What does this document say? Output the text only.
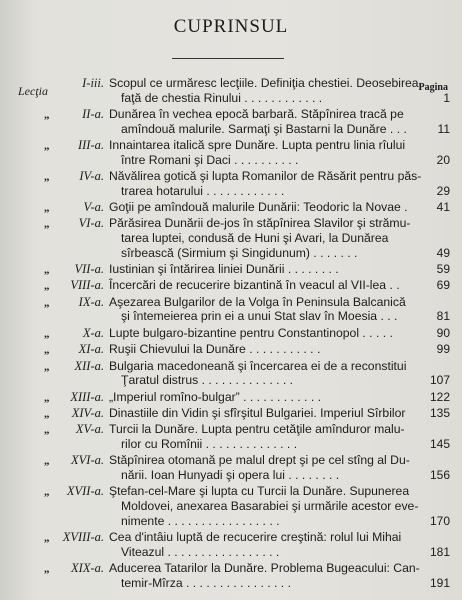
CUPRINSUL
Lecţia	Pagina
I-iii. Scopul ce urmăresc lecţiile. Definiţia chestiei. Deosebirea
faţă de chestia Rinului . . . . . . . . . . . .	1
„	II-a. Dunărea în vechea epocă barbară. Stăpînirea tracă pe
amîndouă malurile. Sarmaţi şi Bastarni la Dunăre . . .	11
„	III-a. Innaintarea italică spre Dunăre. Lupta pentru linia rîului
între Romani şi Daci . . . . . . . . . .	20
„	IV-a. Năvălirea gotică şi lupta Romanilor de Răsărit pentru păs-
trarea hotarului . . . . . . . . . . . .	29
„	V-a. Goţii pe amîndouă malurile Dunării: Teodoric la Novae .	41
„	VI-a. Părăsirea Dunării de-jos în stăpînirea Slavilor şi strămu-
tarea luptei, condusă de Huni şi Avari, la Dunărea
sîrbească (Sirmium şi Singidunum) . . . . . . .	49
„	VII-a. Iustinian şi întărirea liniei Dunării . . . . . . . .	59
„	VIII-a. Încercări de recucerire bizantină în veacul al VII-lea . .	69
„	IX-a. Aşezarea Bulgarilor de la Volga în Peninsula Balcanică
şi întemeierea prin ei a unui Stat slav în Moesia . . .	81
„	X-a. Lupte bulgaro-bizantine pentru Constantinopol . . . . .	90
„	XI-a. Ruşii Chievului la Dunăre . . . . . . . . . . .	99
„	XII-a. Bulgaria macedoneană şi încercarea ei de a reconstitui
Ţaratul distrus . . . . . . . . . . . . . .	107
„	XIII-a. „Imperiul romîno-bulgar” . . . . . . . . . . . .	122
„	XIV-a. Dinastiile din Vidin şi sfîrşitul Bulgariei. Imperiul Sîrbilor	135
„	XV-a. Turcii la Dunăre. Lupta pentru cetăţile amînduror malu-
rilor cu Romînii . . . . . . . . . . . . . .	145
„	XVI-a. Stăpînirea otomană pe malul drept şi pe cel stîng al Du-
nării. Ioan Hunyadi şi opera lui . . . . . . . .	156
„	XVII-a. Ştefan-cel-Mare şi lupta cu Turcii la Dunăre. Supunerea
Moldovei, anexarea Basarabiei şi urmările acestor eve-
nimente . . . . . . . . . . . . . . . . .	170
„	XVIII-a. Cea d'intâiu luptă de recucerire creştină: rolul lui Mihai
Viteazul . . . . . . . . . . . . . . . . .	181
„	XIX-a. Aducerea Tatarilor la Dunăre. Problema Bugeacului: Can-
temir-Mîrza . . . . . . . . . . . . . . . .	191
